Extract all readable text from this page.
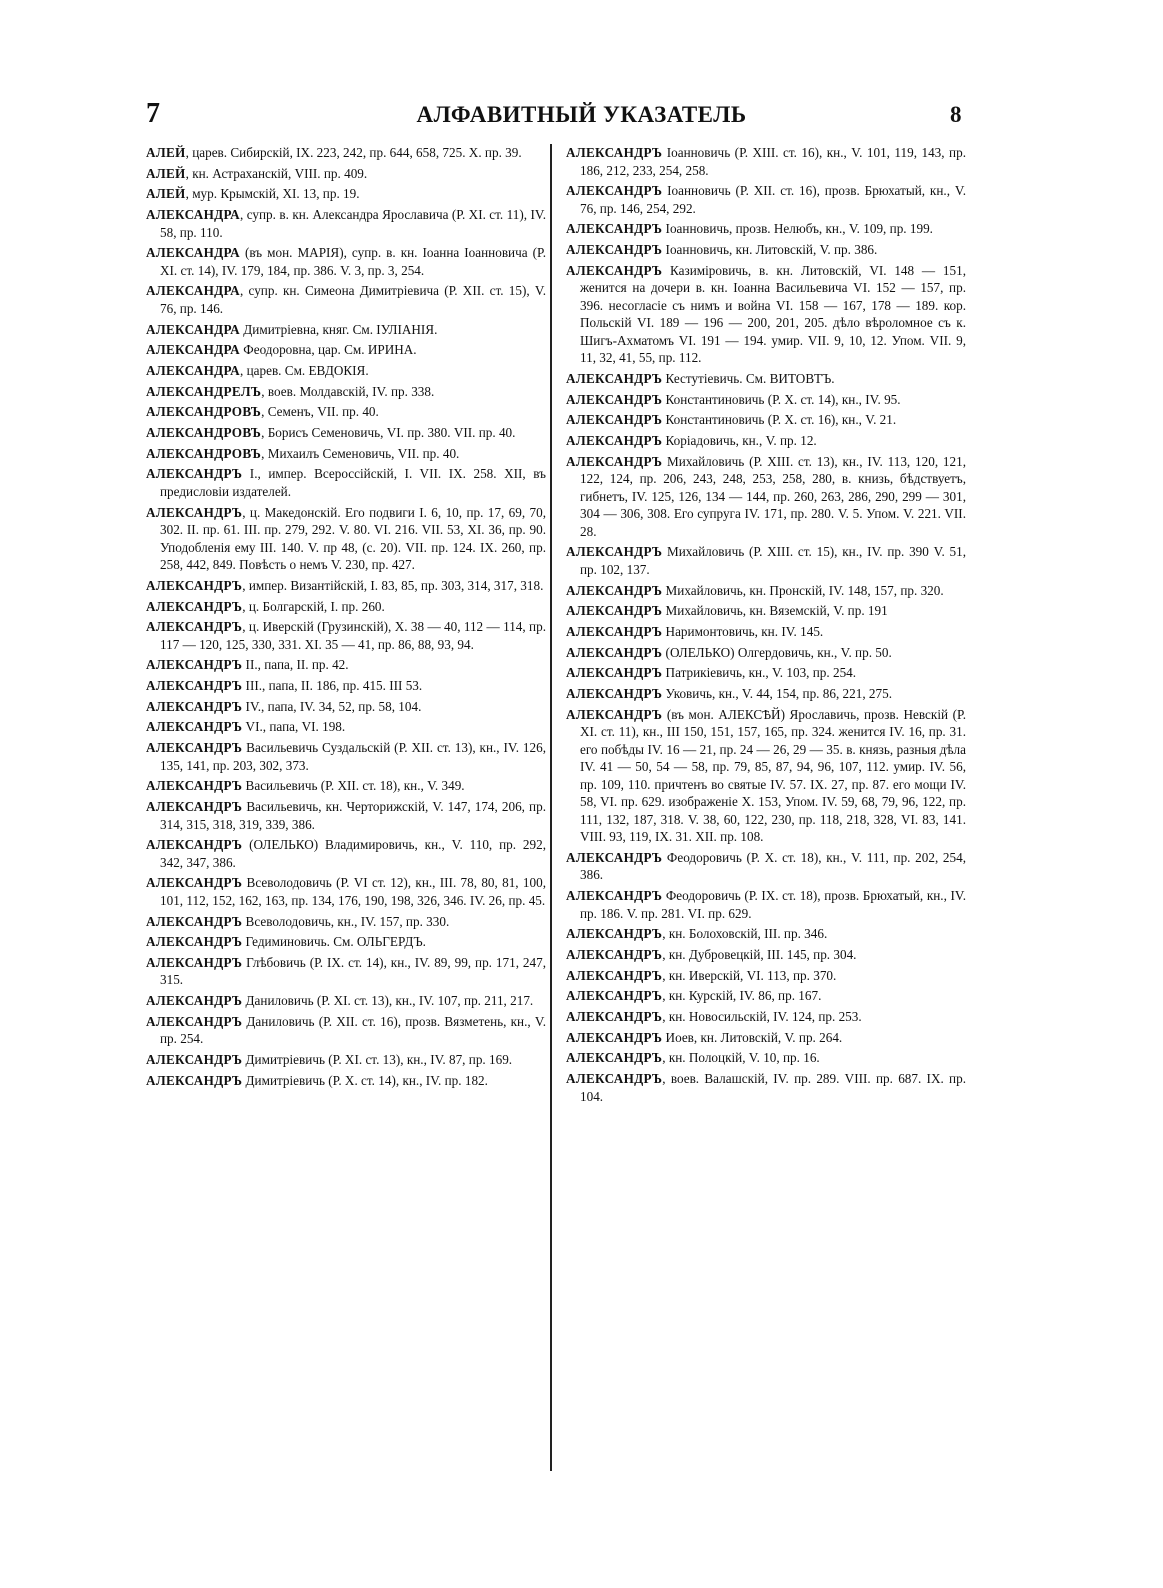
7	АЛФАВИТНЫЙ УКАЗАТЕЛЬ	8

АЛЕЙ, царев. Сибирскій, IX. 223, 242, пр. 644, 658, 725. X. пр. 39.

АЛЕЙ, кн. Астраханскій, VIII. пр. 409.

АЛЕЙ, мур. Крымскій, XI. 13, пр. 19.

АЛЕКСАНДРА, супр. в. кн. Александра Ярославича (Р. XI. ст. 11), IV. 58, пр. 110.

АЛЕКСАНДРА (въ мон. МАРІЯ), супр. в. кн. Іоанна Іоанновича (Р. XI. ст. 14), IV. 179, 184, пр. 386. V. 3, пр. 3, 254.

АЛЕКСАНДРА, супр. кн. Симеона Димитріевича (Р. XII. ст. 15), V. 76, пр. 146.

АЛЕКСАНДРА Димитріевна, княг. См. ІУЛІАНІЯ.

АЛЕКСАНДРА Феодоровна, цар. См. ИРИНА.

АЛЕКСАНДРА, царев. См. ЕВДОКІЯ.

АЛЕКСАНДРЕЛЪ, воев. Молдавскій, IV. пр. 338.

АЛЕКСАНДРОВЪ, Семенъ, VII. пр. 40.

АЛЕКСАНДРОВЪ, Борисъ Семеновичь, VI. пр. 380. VII. пр. 40.

АЛЕКСАНДРОВЪ, Михаилъ Семеновичь, VII. пр. 40.

АЛЕКСАНДРЪ I., импер. Всероссійскій, I. VII. IX. 258. XII, въ предисловіи издателей.

АЛЕКСАНДРЪ, ц. Македонскій. Его подвиги I. 6, 10, пр. 17, 69, 70, 302. II. пр. 61. III. пр. 279, 292. V. 80. VI. 216. VII. 53, XI. 36, пр. 90. Уподобленія ему III. 140. V. пр 48, (с. 20). VII. пр. 124. IX. 260, пр. 258, 442, 849. Повѣсть о немъ V. 230, пр. 427.

АЛЕКСАНДРЪ, импер. Византійскій, I. 83, 85, пр. 303, 314, 317, 318.

АЛЕКСАНДРЪ, ц. Болгарскій, I. пр. 260.

АЛЕКСАНДРЪ, ц. Иверскій (Грузинскій), X. 38 — 40, 112 — 114, пр. 117 — 120, 125, 330, 331. XI. 35 — 41, пр. 86, 88, 93, 94.

АЛЕКСАНДРЪ II., папа, II. пр. 42.

АЛЕКСАНДРЪ III., папа, II. 186, пр. 415. III 53.

АЛЕКСАНДРЪ IV., папа, IV. 34, 52, пр. 58, 104.

АЛЕКСАНДРЪ VI., папа, VI. 198.

АЛЕКСАНДРЪ Васильевичь Суздальскій (Р. XII. ст. 13), кн., IV. 126, 135, 141, пр. 203, 302, 373.

АЛЕКСАНДРЪ Васильевичь (Р. XII. ст. 18), кн., V. 349.

АЛЕКСАНДРЪ Васильевичь, кн. Черторижскій, V. 147, 174, 206, пр. 314, 315, 318, 319, 339, 386.

АЛЕКСАНДРЪ (ОЛЕЛЬКО) Владимировичь, кн., V. 110, пр. 292, 342, 347, 386.

АЛЕКСАНДРЪ Всеволодовичь (Р. VI ст. 12), кн., III. 78, 80, 81, 100, 101, 112, 152, 162, 163, пр. 134, 176, 190, 198, 326, 346. IV. 26, пр. 45.

АЛЕКСАНДРЪ Всеволодовичь, кн., IV. 157, пр. 330.

АЛЕКСАНДРЪ Гедиминовичь. См. ОЛЬГЕРДЪ.

АЛЕКСАНДРЪ Глѣбовичь (Р. IX. ст. 14), кн., IV. 89, 99, пр. 171, 247, 315.

АЛЕКСАНДРЪ Даниловичь (Р. XI. ст. 13), кн., IV. 107, пр. 211, 217.

АЛЕКСАНДРЪ Даниловичь (Р. XII. ст. 16), прозв. Вязметень, кн., V. пр. 254.

АЛЕКСАНДРЪ Димитріевичь (Р. XI. ст. 13), кн., IV. 87, пр. 169.

АЛЕКСАНДРЪ Димитріевичь (Р. X. ст. 14), кн., IV. пр. 182.

АЛЕКСАНДРЪ Іоанновичь (Р. XIII. ст. 16), кн., V. 101, 119, 143, пр. 186, 212, 233, 254, 258.

АЛЕКСАНДРЪ Іоанновичь (Р. XII. ст. 16), прозв. Брюхатый, кн., V. 76, пр. 146, 254, 292.

АЛЕКСАНДРЪ Іоанновичь, прозв. Нелюбъ, кн., V. 109, пр. 199.

АЛЕКСАНДРЪ Іоанновичь, кн. Литовскій, V. пр. 386.

АЛЕКСАНДРЪ Казиміровичь, в. кн. Литовскій, VI. 148 — 151, женится на дочери в. кн. Іоанна Васильевича VI. 152 — 157, пр. 396. несогласіе съ нимъ и война VI. 158 — 167, 178 — 189. кор. Польскій VI. 189 — 196 — 200, 201, 205. дѣло вѣроломное съ к. Шигъ-Ахматомъ VI. 191 — 194. умир. VII. 9, 10, 12. Упом. VII. 9, 11, 32, 41, 55, пр. 112.

АЛЕКСАНДРЪ Кестутіевичь. См. ВИТОВТЪ.

АЛЕКСАНДРЪ Константиновичь (Р. X. ст. 14), кн., IV. 95.

АЛЕКСАНДРЪ Константиновичь (Р. X. ст. 16), кн., V. 21.

АЛЕКСАНДРЪ Коріадовичь, кн., V. пр. 12.

АЛЕКСАНДРЪ Михайловичь (Р. XIII. ст. 13), кн., IV. 113, 120, 121, 122, 124, пр. 206, 243, 248, 253, 258, 280, в. книзь, бѣдствуетъ, гибнетъ, IV. 125, 126, 134 — 144, пр. 260, 263, 286, 290, 299 — 301, 304 — 306, 308. Его супруга IV. 171, пр. 280. V. 5. Упом. V. 221. VII. 28.

АЛЕКСАНДРЪ Михайловичь (Р. XIII. ст. 15), кн., IV. пр. 390 V. 51, пр. 102, 137.

АЛЕКСАНДРЪ Михайловичь, кн. Пронскій, IV. 148, 157, пр. 320.

АЛЕКСАНДРЪ Михайловичь, кн. Вяземскій, V. пр. 191

АЛЕКСАНДРЪ Наримонтовичь, кн. IV. 145.

АЛЕКСАНДРЪ (ОЛЕЛЬКО) Олгердовичь, кн., V. пр. 50.

АЛЕКСАНДРЪ Патрикіевичь, кн., V. 103, пр. 254.

АЛЕКСАНДРЪ Уковичь, кн., V. 44, 154, пр. 86, 221, 275.

АЛЕКСАНДРЪ (въ мон. АЛЕКСѢЙ) Ярославичь, прозв. Невскій (Р. XI. ст. 11), кн., III 150, 151, 157, 165, пр. 324. женится IV. 16, пр. 31. его побѣды IV. 16 — 21, пр. 24 — 26, 29 — 35. в. князь, разныя дѣла IV. 41 — 50, 54 — 58, пр. 79, 85, 87, 94, 96, 107, 112. умир. IV. 56, пр. 109, 110. причтенъ во святые IV. 57. IX. 27, пр. 87. его мощи IV. 58, VI. пр. 629. изображеніе X. 153, Упом. IV. 59, 68, 79, 96, 122, пр. 111, 132, 187, 318. V. 38, 60, 122, 230, пр. 118, 218, 328, VI. 83, 141. VIII. 93, 119, IX. 31. XII. пр. 108.

АЛЕКСАНДРЪ Феодоровичь (Р. X. ст. 18), кн., V. 111, пр. 202, 254, 386.

АЛЕКСАНДРЪ Феодоровичь (Р. IX. ст. 18), прозв. Брюхатый, кн., IV. пр. 186. V. пр. 281. VI. пр. 629.

АЛЕКСАНДРЪ, кн. Болоховскій, III. пр. 346.

АЛЕКСАНДРЪ, кн. Дубровецкій, III. 145, пр. 304.

АЛЕКСАНДРЪ, кн. Иверскій, VI. 113, пр. 370.

АЛЕКСАНДРЪ, кн. Курскій, IV. 86, пр. 167.

АЛЕКСАНДРЪ, кн. Новосильскій, IV. 124, пр. 253.

АЛЕКСАНДРЪ Иоев, кн. Литовскій, V. пр. 264.

АЛЕКСАНДРЪ, кн. Полоцкій, V. 10, пр. 16.

АЛЕКСАНДРЪ, воев. Валашскій, IV. пр. 289. VIII. пр. 687. IX. пр. 104.
